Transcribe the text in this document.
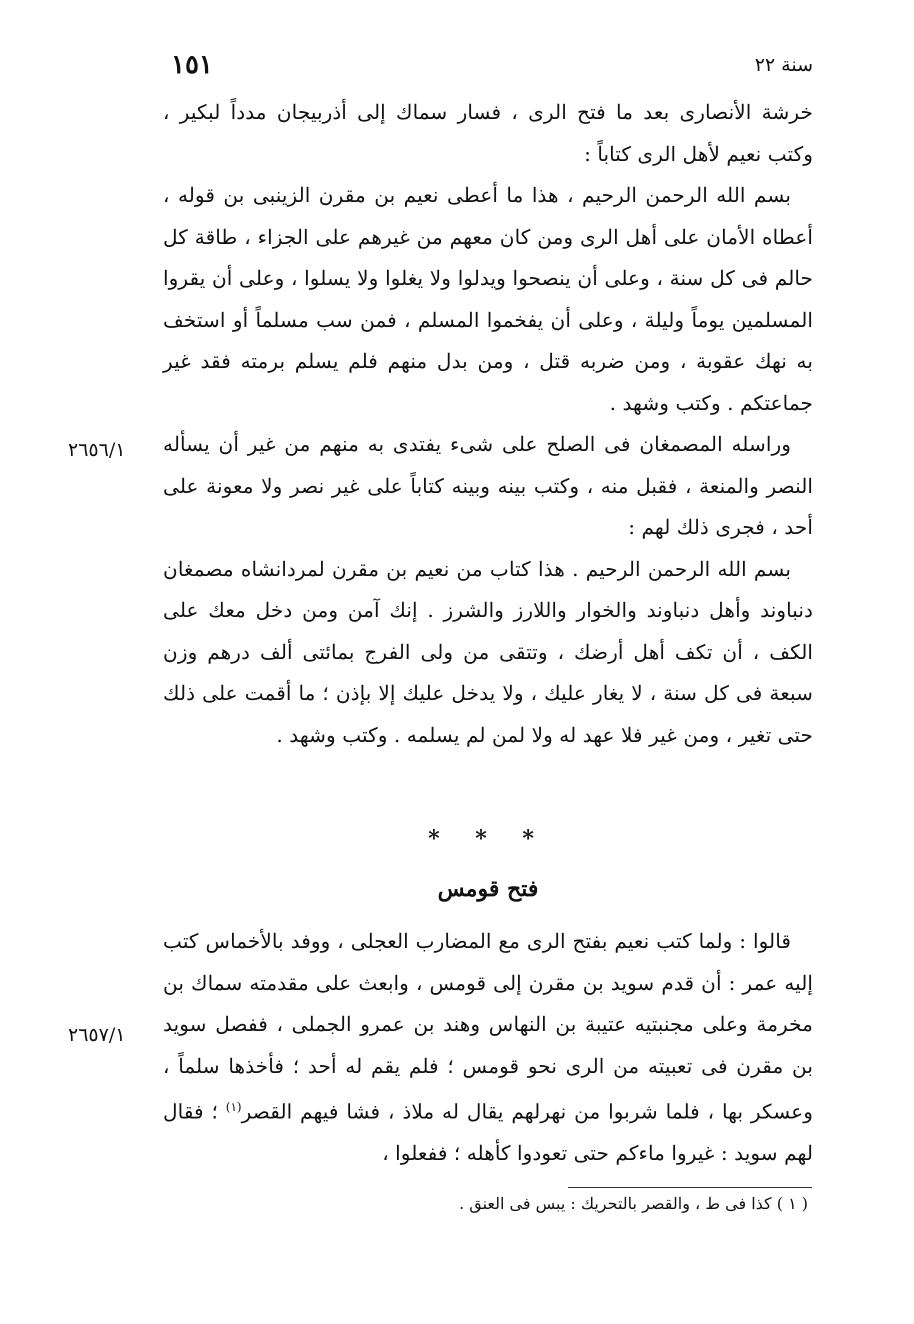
١٥١	سنة ٢٢

خرشة الأنصارى بعد ما فتح الرى ، فسار سماك إلى أذربيجان مدداً لبكير ، وكتب نعيم لأهل الرى كتاباً :

بسم الله الرحمن الرحيم ، هذا ما أعطى نعيم بن مقرن الزينبى بن قوله ، أعطاه الأمان على أهل الرى ومن كان معهم من غيرهم على الجزاء ، طاقة كل حالم فى كل سنة ، وعلى أن ينصحوا ويدلوا ولا يغلوا ولا يسلوا ، وعلى أن يقروا المسلمين يوماً وليلة ، وعلى أن يفخموا المسلم ، فمن سب مسلماً أو استخف به نهك عقوبة ، ومن ضربه قتل ، ومن بدل منهم فلم يسلم برمته فقد غير جماعتكم . وكتب وشهد .

وراسله المصمغان فى الصلح على شىء يفتدى به منهم من غير أن يسأله النصر والمنعة ، فقبل منه ، وكتب بينه وبينه كتاباً على غير نصر ولا معونة على أحد ، فجرى ذلك لهم :

بسم الله الرحمن الرحيم . هذا كتاب من نعيم بن مقرن لمردانشاه مصمغان دنباوند وأهل دنباوند والخوار واللارز والشرز . إنك آمن ومن دخل معك على الكف ، أن تكف أهل أرضك ، وتتقى من ولى الفرج بمائتى ألف درهم وزن سبعة فى كل سنة ، لا يغار عليك ، ولا يدخل عليك إلا بإذن ؛ ما أقمت على ذلك حتى تغير ، ومن غير فلا عهد له ولا لمن لم يسلمه . وكتب وشهد .

٢٦٥٦/١
* * *
فتح قومس

قالوا : ولما كتب نعيم بفتح الرى مع المضارب العجلى ، ووفد بالأخماس كتب إليه عمر : أن قدم سويد بن مقرن إلى قومس ، وابعث على مقدمته سماك بن مخرمة وعلى مجنبتيه عتيبة بن النهاس وهند بن عمرو الجملى ، ففصل سويد بن مقرن فى تعبيته من الرى نحو قومس ؛ فلم يقم له أحد ؛ فأخذها سلماً ، وعسكر بها ، فلما شربوا من نهرلهم يقال له ملاذ ، فشا فيهم القصر$^{(١)}$ ؛ فقال لهم سويد : غيروا ماءكم حتى تعودوا كأهله ؛ ففعلوا ،

٢٦٥٧/١
( ١ ) كذا فى ط ، والقصر بالتحريك : يبس فى العنق .
